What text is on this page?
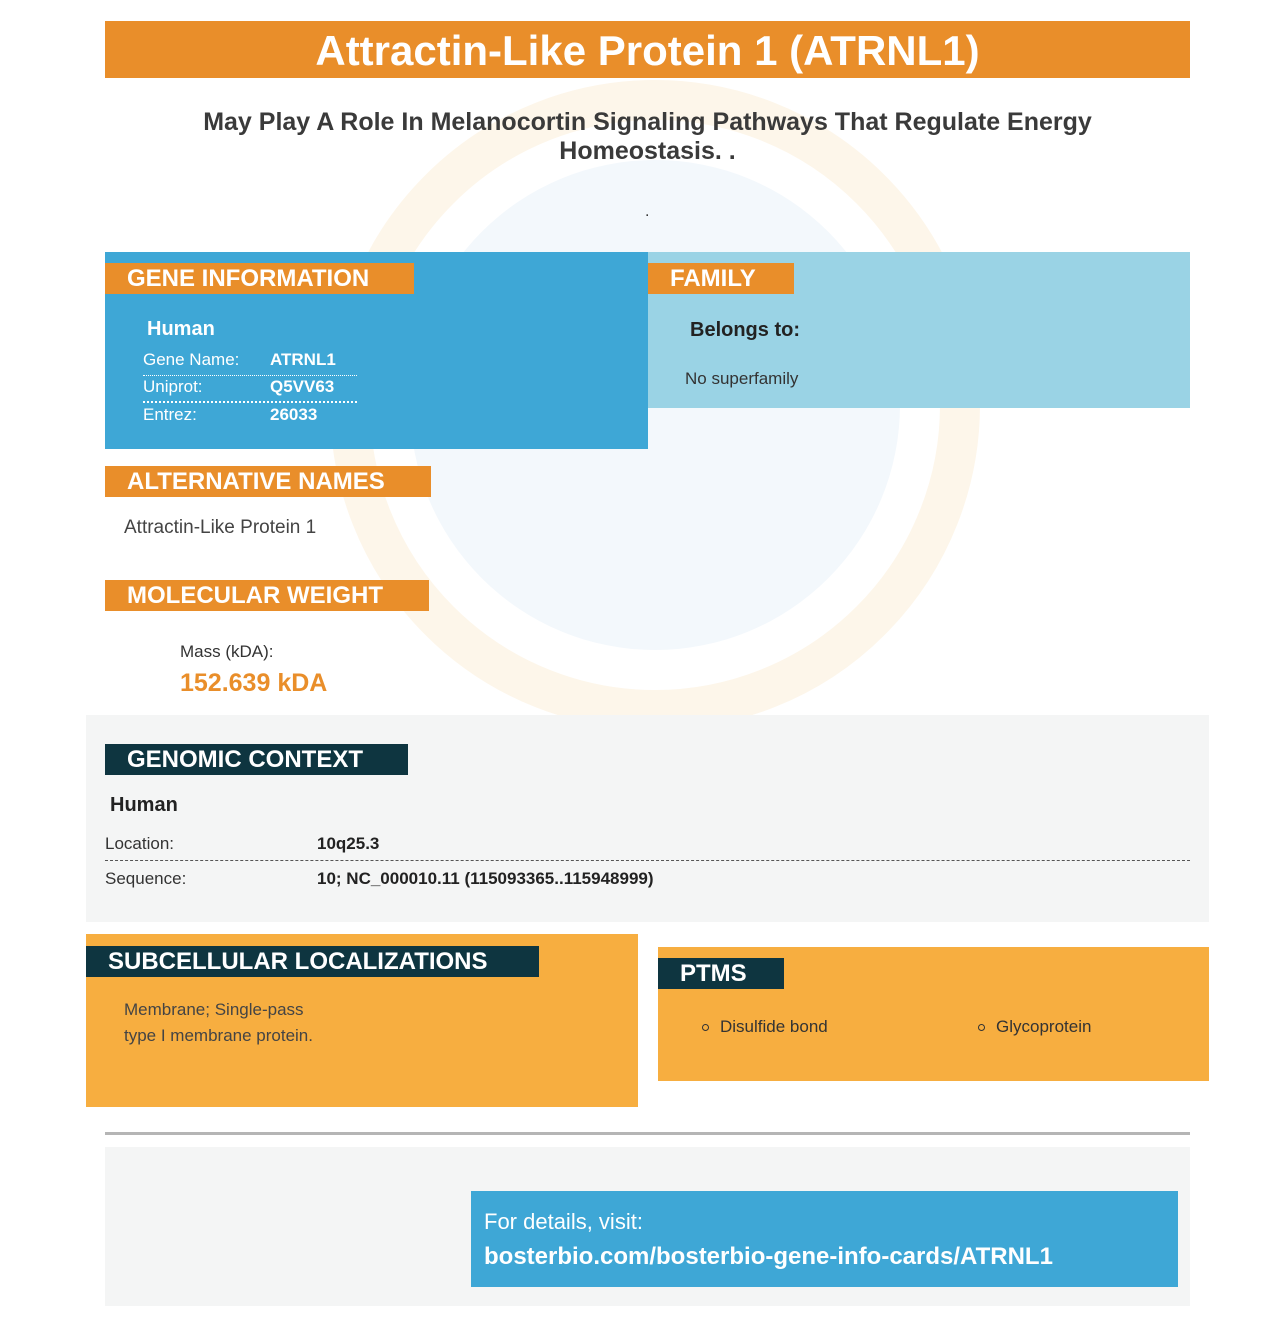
Attractin-Like Protein 1 (ATRNL1)
May Play A Role In Melanocortin Signaling Pathways That Regulate Energy Homeostasis. .
.
GENE INFORMATION
Human
Gene Name: ATRNL1
Uniprot:	Q5VV63
Entrez:	26033
FAMILY
Belongs to:
No superfamily
ALTERNATIVE NAMES
Attractin-Like Protein 1
MOLECULAR WEIGHT
Mass (kDA):
152.639 kDA
GENOMIC CONTEXT
Human
Location:	10q25.3
Sequence:	10; NC_000010.11 (115093365..115948999)
SUBCELLULAR LOCALIZATIONS
Membrane; Single-pass type I membrane protein.
PTMS
Disulfide bond	Glycoprotein
For details, visit:
bosterbio.com/bosterbio-gene-info-cards/ATRNL1
